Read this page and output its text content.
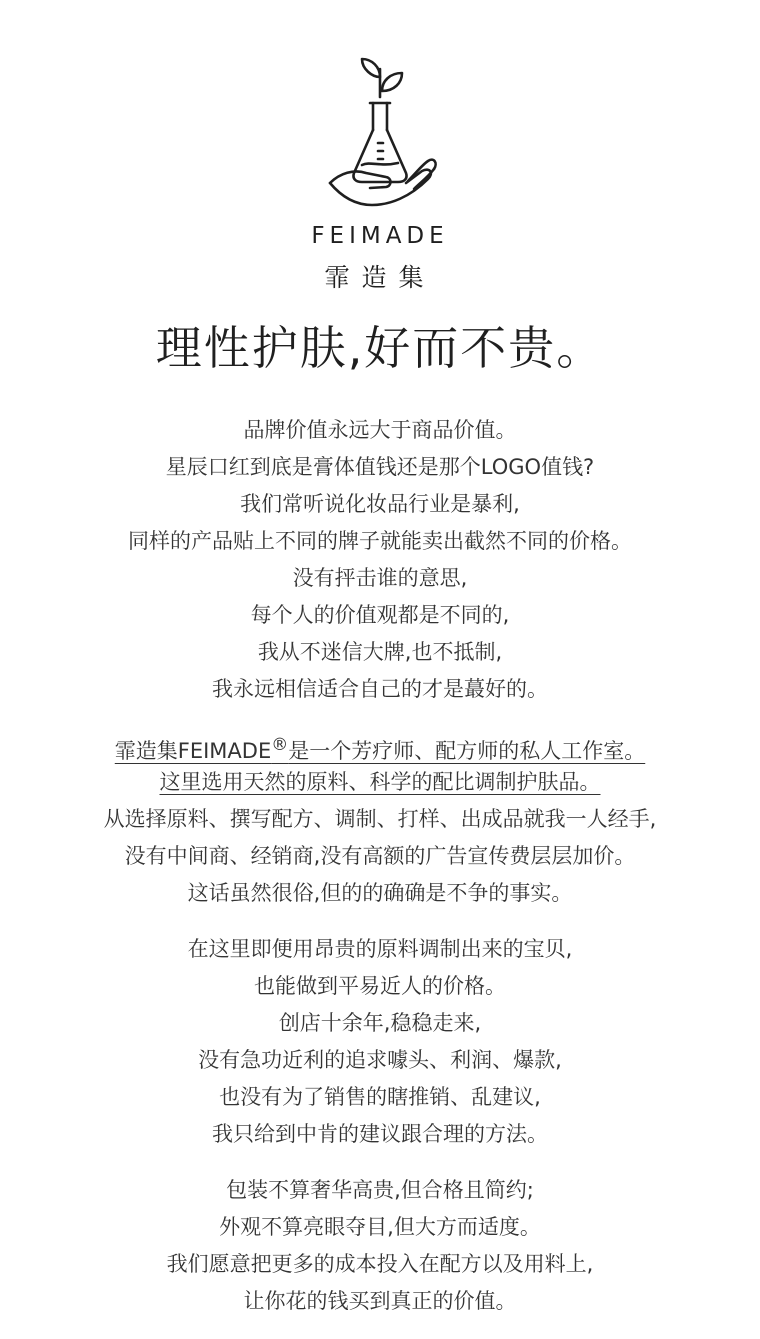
FEIMADE
霏造集
理性护肤,好而不贵。
品牌价值永远大于商品价值。
星辰口红到底是膏体值钱还是那个LOGO值钱?
我们常听说化妆品行业是暴利,
同样的产品贴上不同的牌子就能卖出截然不同的价格。
没有抨击谁的意思,
每个人的价值观都是不同的,
我从不迷信大牌,也不抵制,
我永远相信适合自己的才是蕞好的。
霏造集FEIMADE®是一个芳疗师、配方师的私人工作室。
这里选用天然的原料、科学的配比调制护肤品。
从选择原料、撰写配方、调制、打样、出成品就我一人经手,
没有中间商、经销商,没有高额的广告宣传费层层加价。
这话虽然很俗,但的的确确是不争的事实。
在这里即便用昂贵的原料调制出来的宝贝,
也能做到平易近人的价格。
创店十余年,稳稳走来,
没有急功近利的追求噱头、利润、爆款,
也没有为了销售的瞎推销、乱建议,
我只给到中肯的建议跟合理的方法。
包装不算奢华高贵,但合格且简约;
外观不算亮眼夺目,但大方而适度。
我们愿意把更多的成本投入在配方以及用料上,
让你花的钱买到真正的价值。
